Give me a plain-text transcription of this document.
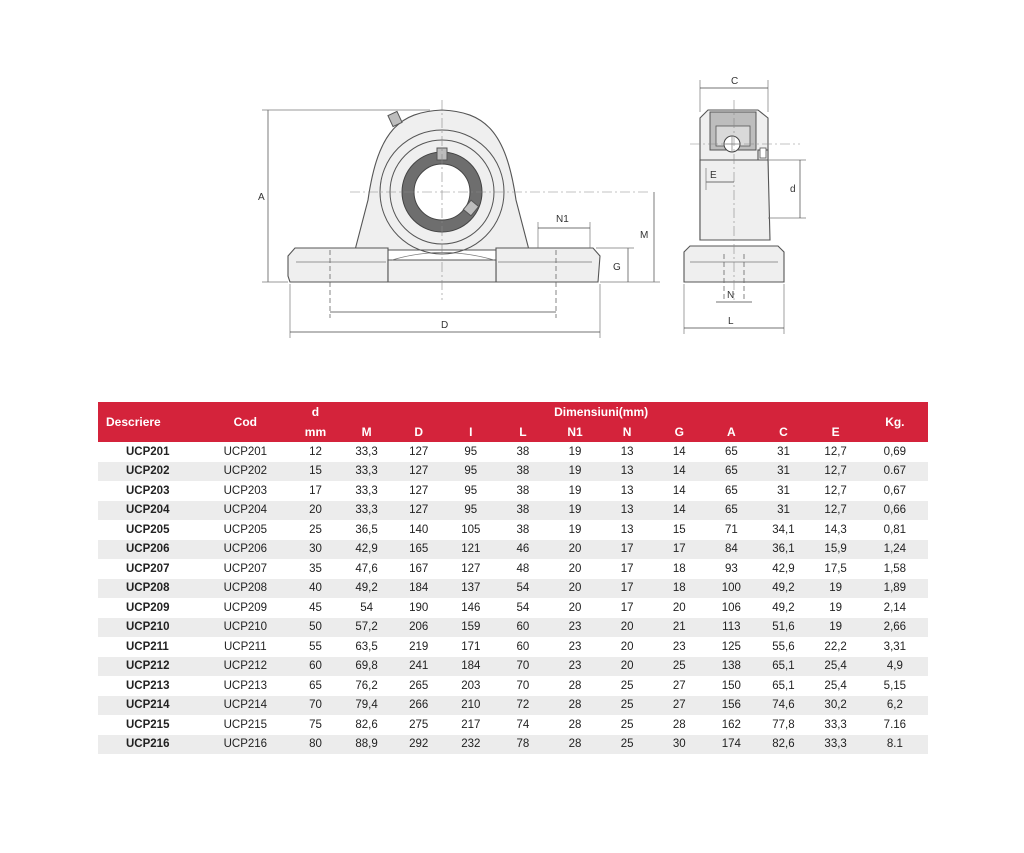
A
M
G
N1
D
C
E
d
N
L
Descriere	Cod	d	Dimensiuni(mm)										Kg.
		mm	M	D	I	L	N1	N	G	A	C	E	
UCP201	UCP201	12	33,3	127	95	38	19	13	14	65	31	12,7	0,69
UCP202	UCP202	15	33,3	127	95	38	19	13	14	65	31	12,7	0.67
UCP203	UCP203	17	33,3	127	95	38	19	13	14	65	31	12,7	0,67
UCP204	UCP204	20	33,3	127	95	38	19	13	14	65	31	12,7	0,66
UCP205	UCP205	25	36,5	140	105	38	19	13	15	71	34,1	14,3	0,81
UCP206	UCP206	30	42,9	165	121	46	20	17	17	84	36,1	15,9	1,24
UCP207	UCP207	35	47,6	167	127	48	20	17	18	93	42,9	17,5	1,58
UCP208	UCP208	40	49,2	184	137	54	20	17	18	100	49,2	19	1,89
UCP209	UCP209	45	54	190	146	54	20	17	20	106	49,2	19	2,14
UCP210	UCP210	50	57,2	206	159	60	23	20	21	113	51,6	19	2,66
UCP211	UCP211	55	63,5	219	171	60	23	20	23	125	55,6	22,2	3,31
UCP212	UCP212	60	69,8	241	184	70	23	20	25	138	65,1	25,4	4,9
UCP213	UCP213	65	76,2	265	203	70	28	25	27	150	65,1	25,4	5,15
UCP214	UCP214	70	79,4	266	210	72	28	25	27	156	74,6	30,2	6,2
UCP215	UCP215	75	82,6	275	217	74	28	25	28	162	77,8	33,3	7.16
UCP216	UCP216	80	88,9	292	232	78	28	25	30	174	82,6	33,3	8.1
